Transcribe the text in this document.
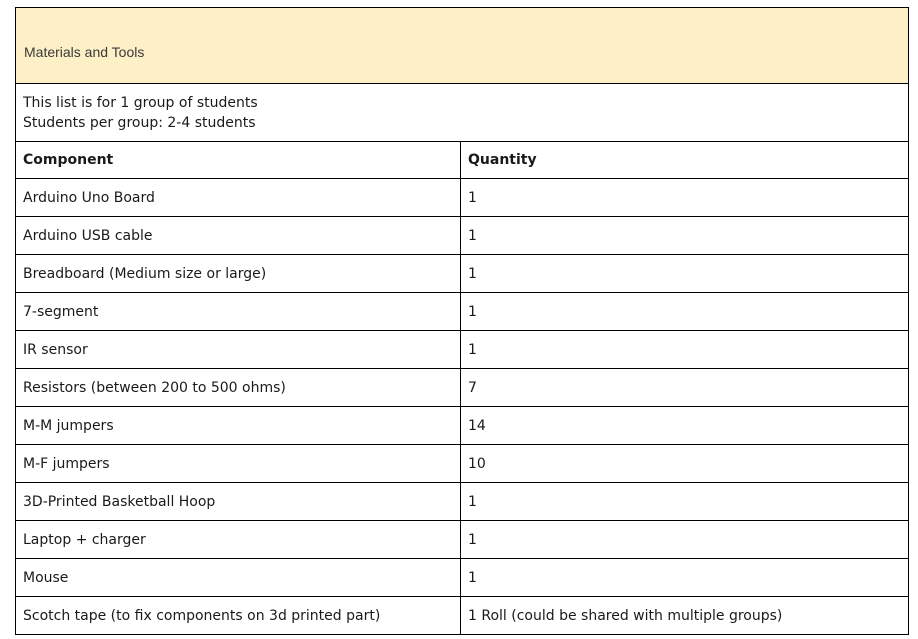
Materials and Tools	

This list is for 1 group of students
Students per group: 2-4 students	

Component	Quantity
Arduino Uno Board	1
Arduino USB cable	1
Breadboard (Medium size or large)	1
7-segment	1
IR sensor	1
Resistors (between 200 to 500 ohms)	7
M-M jumpers	14
M-F jumpers	10
3D-Printed Basketball Hoop	1
Laptop + charger	1
Mouse	1
Scotch tape (to fix components on 3d printed part)	1 Roll (could be shared with multiple groups)
